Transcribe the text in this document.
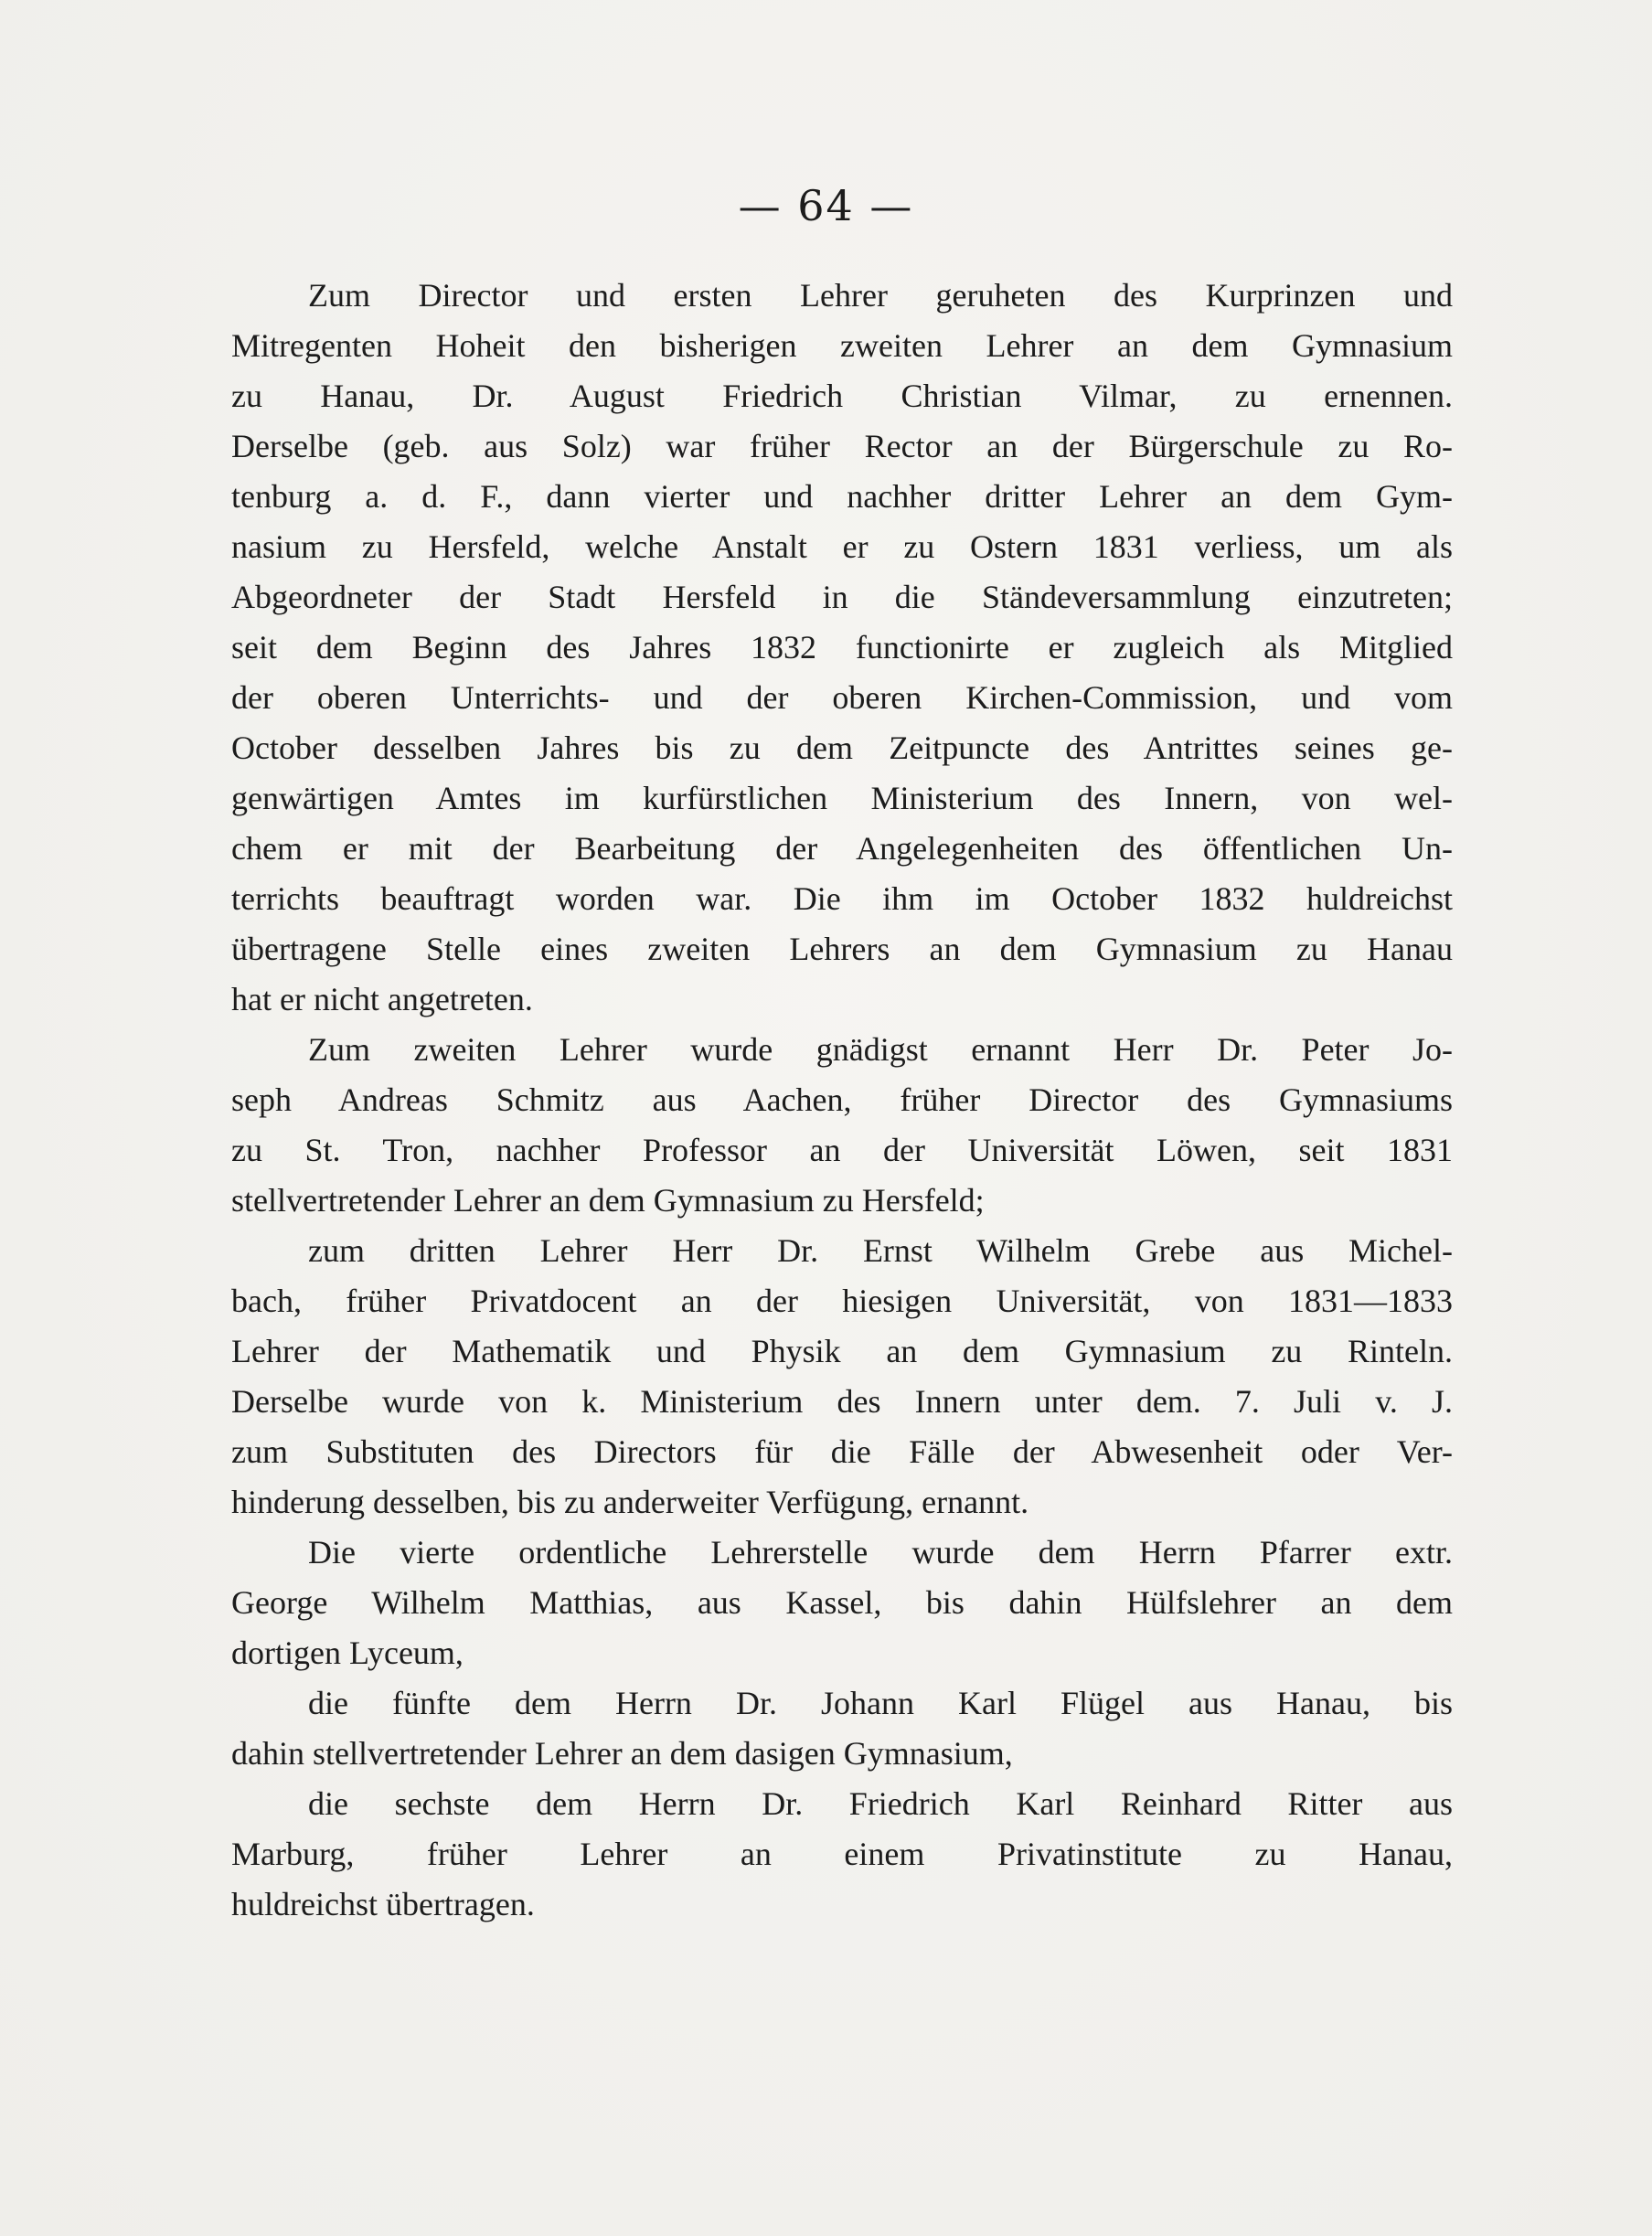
— 64 —
Zum Director und ersten Lehrer geruheten des Kurprinzen und
Mitregenten Hoheit den bisherigen zweiten Lehrer an dem Gymnasium
zu Hanau, Dr. August Friedrich Christian Vilmar, zu ernennen.
Derselbe (geb. aus Solz) war früher Rector an der Bürgerschule zu Ro-
tenburg a. d. F., dann vierter und nachher dritter Lehrer an dem Gym-
nasium zu Hersfeld, welche Anstalt er zu Ostern 1831 verliess, um als
Abgeordneter der Stadt Hersfeld in die Ständeversammlung einzutreten;
seit dem Beginn des Jahres 1832 functionirte er zugleich als Mitglied
der oberen Unterrichts- und der oberen Kirchen-Commission, und vom
October desselben Jahres bis zu dem Zeitpuncte des Antrittes seines ge-
genwärtigen Amtes im kurfürstlichen Ministerium des Innern, von wel-
chem er mit der Bearbeitung der Angelegenheiten des öffentlichen Un-
terrichts beauftragt worden war. Die ihm im October 1832 huldreichst
übertragene Stelle eines zweiten Lehrers an dem Gymnasium zu Hanau
hat er nicht angetreten.
Zum zweiten Lehrer wurde gnädigst ernannt Herr Dr. Peter Jo-
seph Andreas Schmitz aus Aachen, früher Director des Gymnasiums
zu St. Tron, nachher Professor an der Universität Löwen, seit 1831
stellvertretender Lehrer an dem Gymnasium zu Hersfeld;
zum dritten Lehrer Herr Dr. Ernst Wilhelm Grebe aus Michel-
bach, früher Privatdocent an der hiesigen Universität, von 1831—1833
Lehrer der Mathematik und Physik an dem Gymnasium zu Rinteln.
Derselbe wurde von k. Ministerium des Innern unter dem. 7. Juli v. J.
zum Substituten des Directors für die Fälle der Abwesenheit oder Ver-
hinderung desselben, bis zu anderweiter Verfügung, ernannt.
Die vierte ordentliche Lehrerstelle wurde dem Herrn Pfarrer extr.
George Wilhelm Matthias, aus Kassel, bis dahin Hülfslehrer an dem
dortigen Lyceum,
die fünfte dem Herrn Dr. Johann Karl Flügel aus Hanau, bis
dahin stellvertretender Lehrer an dem dasigen Gymnasium,
die sechste dem Herrn Dr. Friedrich Karl Reinhard Ritter aus
Marburg, früher Lehrer an einem Privatinstitute zu Hanau,
huldreichst übertragen.
